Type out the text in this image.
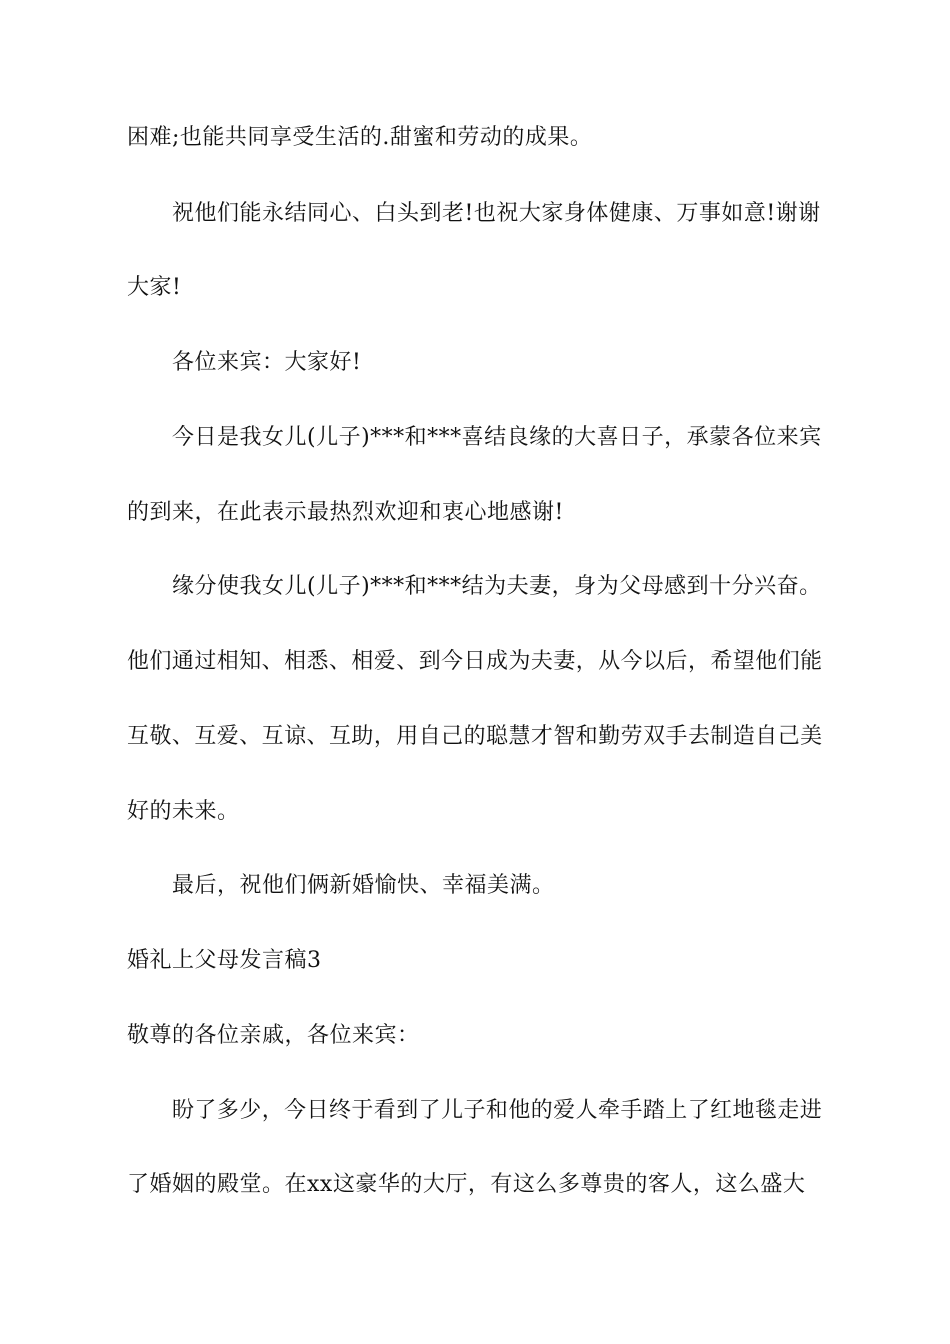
困难;也能共同享受生活的.甜蜜和劳动的成果。
祝他们能永结同心、白头到老!也祝大家身体健康、万事如意!谢谢
大家!
各位来宾：大家好!
今日是我女儿(儿子)***和***喜结良缘的大喜日子，承蒙各位来宾
的到来，在此表示最热烈欢迎和衷心地感谢!
缘分使我女儿(儿子)***和***结为夫妻，身为父母感到十分兴奋。
他们通过相知、相悉、相爱、到今日成为夫妻，从今以后，希望他们能
互敬、互爱、互谅、互助，用自己的聪慧才智和勤劳双手去制造自己美
好的未来。
最后，祝他们俩新婚愉快、幸福美满。
婚礼上父母发言稿3
敬尊的各位亲戚，各位来宾：
盼了多少，今日终于看到了儿子和他的爱人牵手踏上了红地毯走进
了婚姻的殿堂。在xx这豪华的大厅，有这么多尊贵的客人，这么盛大
